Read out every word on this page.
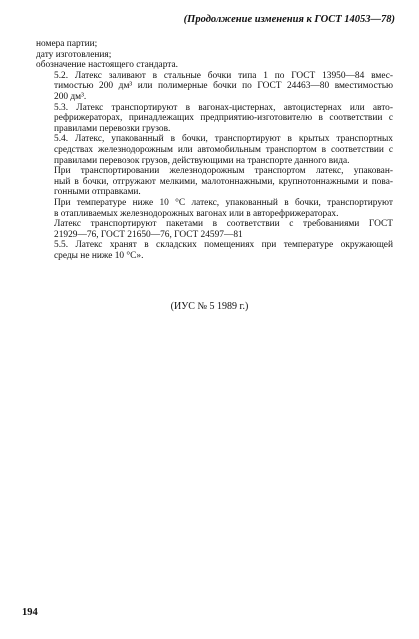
(Продолжение изменения к ГОСТ 14053—78)

номера партии;

дату изготовления;

обозначение настоящего стандарта.

5.2. Латекс заливают в стальные бочки типа 1 по ГОСТ 13950—84 вмес-
тимостью 200 дм³ или полимерные бочки по ГОСТ 24463—80 вместимостью
200 дм³.

5.3. Латекс транспортируют в вагонах-цистернах, автоцистернах или авто-
рефрижераторах, принадлежащих предприятию-изготовителю в соответствии с
правилами перевозки грузов.

5.4. Латекс, упакованный в бочки, транспортируют в крытых транспортных
средствах железнодорожным или автомобильным транспортом в соответствии с
правилами перевозок грузов, действующими на транспорте данного вида.

При транспортировании железнодорожным транспортом латекс, упакован-
ный в бочки, отгружают мелкими, малотоннажными, крупнотоннажными и пова-
гонными отправками.

При температуре ниже 10 °С латекс, упакованный в бочки, транспортируют
в отапливаемых железнодорожных вагонах или в авторефрижераторах.

Латекс транспортируют пакетами в соответствии с требованиями ГОСТ
21929—76, ГОСТ 21650—76, ГОСТ 24597—81

5.5. Латекс хранят в складских помещениях при температуре окружающей
среды не ниже 10 °С».

(ИУС № 5 1989 г.)
194
